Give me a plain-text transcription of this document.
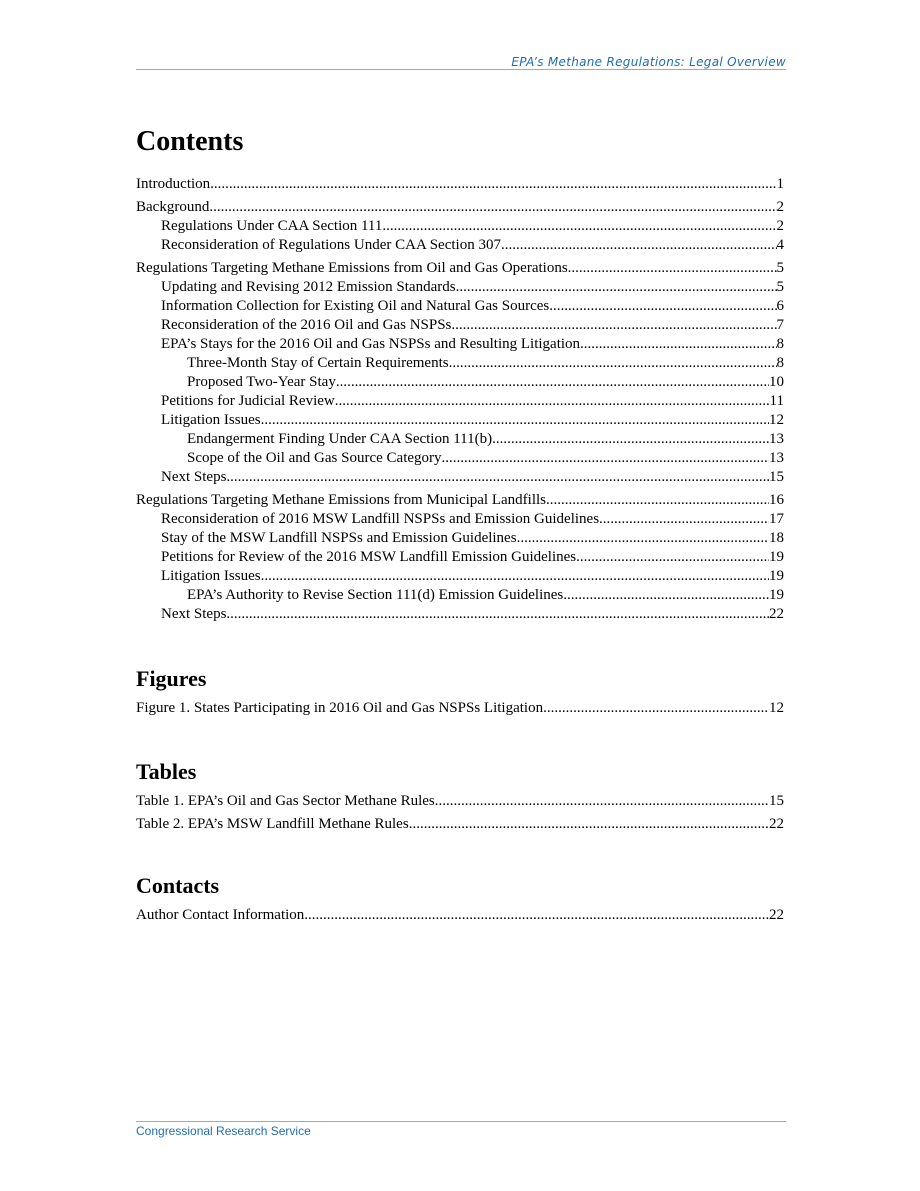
EPA’s Methane Regulations: Legal Overview
Contents
Introduction .....	1
Background .....	2
Regulations Under CAA Section 111 .....	2
Reconsideration of Regulations Under CAA Section 307 .....	4
Regulations Targeting Methane Emissions from Oil and Gas Operations .....	5
Updating and Revising 2012 Emission Standards .....	5
Information Collection for Existing Oil and Natural Gas Sources .....	6
Reconsideration of the 2016 Oil and Gas NSPSs .....	7
EPA’s Stays for the 2016 Oil and Gas NSPSs and Resulting Litigation .....	8
Three-Month Stay of Certain Requirements .....	8
Proposed Two-Year Stay .....	10
Petitions for Judicial Review .....	11
Litigation Issues .....	12
Endangerment Finding Under CAA Section 111(b) .....	13
Scope of the Oil and Gas Source Category .....	13
Next Steps .....	15
Regulations Targeting Methane Emissions from Municipal Landfills .....	16
Reconsideration of 2016 MSW Landfill NSPSs and Emission Guidelines .....	17
Stay of the MSW Landfill NSPSs and Emission Guidelines .....	18
Petitions for Review of the 2016 MSW Landfill Emission Guidelines .....	19
Litigation Issues .....	19
EPA’s Authority to Revise Section 111(d) Emission Guidelines .....	19
Next Steps .....	22
Figures
Figure 1. States Participating in 2016 Oil and Gas NSPSs Litigation .....	12
Tables
Table 1. EPA’s Oil and Gas Sector Methane Rules .....	15
Table 2. EPA’s MSW Landfill Methane Rules .....	22
Contacts
Author Contact Information .....	22
Congressional Research Service
